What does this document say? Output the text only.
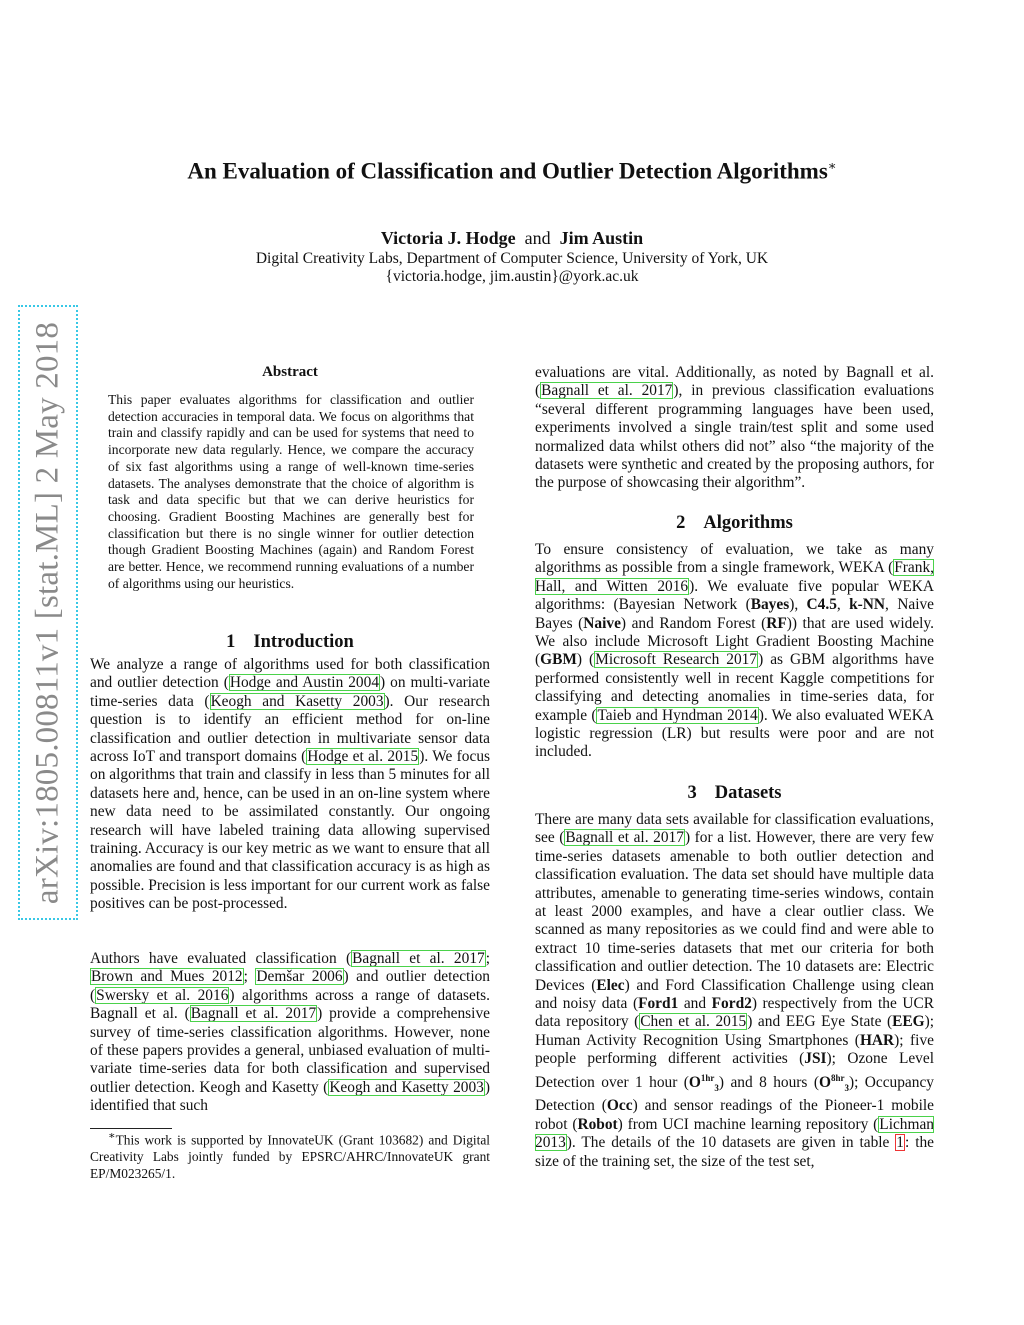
arXiv:1805.00811v1 [stat.ML] 2 May 2018
An Evaluation of Classification and Outlier Detection Algorithms∗
Victoria J. Hodge and Jim Austin
Digital Creativity Labs, Department of Computer Science, University of York, UK
{victoria.hodge, jim.austin}@york.ac.uk
Abstract
This paper evaluates algorithms for classification and outlier detection accuracies in temporal data. We focus on algorithms that train and classify rapidly and can be used for systems that need to incorporate new data regularly. Hence, we compare the accuracy of six fast algorithms using a range of well-known time-series datasets. The analyses demonstrate that the choice of algorithm is task and data specific but that we can derive heuristics for choosing. Gradient Boosting Machines are generally best for classification but there is no single winner for outlier detection though Gradient Boosting Machines (again) and Random Forest are better. Hence, we recommend running evaluations of a number of algorithms using our heuristics.
1 Introduction
We analyze a range of algorithms used for both classification and outlier detection (Hodge and Austin 2004) on multi-variate time-series data (Keogh and Kasetty 2003). Our research question is to identify an efficient method for on-line classification and outlier detection in multivariate sensor data across IoT and transport domains (Hodge et al. 2015). We focus on algorithms that train and classify in less than 5 minutes for all datasets here and, hence, can be used in an on-line system where new data need to be assimilated constantly. Our ongoing research will have labeled training data allowing supervised training. Accuracy is our key metric as we want to ensure that all anomalies are found and that classification accuracy is as high as possible. Precision is less important for our current work as false positives can be post-processed.
Authors have evaluated classification (Bagnall et al. 2017; Brown and Mues 2012; Demšar 2006) and outlier detection (Swersky et al. 2016) algorithms across a range of datasets. Bagnall et al. (Bagnall et al. 2017) provide a comprehensive survey of time-series classification algorithms. However, none of these papers provides a general, unbiased evaluation of multi-variate time-series data for both classification and supervised outlier detection. Keogh and Kasetty (Keogh and Kasetty 2003) identified that such
∗This work is supported by InnovateUK (Grant 103682) and Digital Creativity Labs jointly funded by EPSRC/AHRC/InnovateUK grant EP/M023265/1.
evaluations are vital. Additionally, as noted by Bagnall et al. (Bagnall et al. 2017), in previous classification evaluations “several different programming languages have been used, experiments involved a single train/test split and some used normalized data whilst others did not” also “the majority of the datasets were synthetic and created by the proposing authors, for the purpose of showcasing their algorithm”.
2 Algorithms
To ensure consistency of evaluation, we take as many algorithms as possible from a single framework, WEKA (Frank, Hall, and Witten 2016). We evaluate five popular WEKA algorithms: (Bayesian Network (Bayes), C4.5, k-NN, Naive Bayes (Naive) and Random Forest (RF)) that are used widely. We also include Microsoft Light Gradient Boosting Machine (GBM) (Microsoft Research 2017) as GBM algorithms have performed consistently well in recent Kaggle competitions for classifying and detecting anomalies in time-series data, for example (Taieb and Hyndman 2014). We also evaluated WEKA logistic regression (LR) but results were poor and are not included.
3 Datasets
There are many data sets available for classification evaluations, see (Bagnall et al. 2017) for a list. However, there are very few time-series datasets amenable to both outlier detection and classification evaluation. The data set should have multiple data attributes, amenable to generating time-series windows, contain at least 2000 examples, and have a clear outlier class. We scanned as many repositories as we could find and were able to extract 10 time-series datasets that met our criteria for both classification and outlier detection. The 10 datasets are: Electric Devices (Elec) and Ford Classification Challenge using clean and noisy data (Ford1 and Ford2) respectively from the UCR data repository (Chen et al. 2015) and EEG Eye State (EEG); Human Activity Recognition Using Smartphones (HAR); five people performing different activities (JSI); Ozone Level Detection over 1 hour $(O^{1hr}_3)$ and 8 hours $(O^{8hr}_3)$; Occupancy Detection (Occ) and sensor readings of the Pioneer-1 mobile robot (Robot) from UCI machine learning repository (Lichman 2013). The details of the 10 datasets are given in table 1: the size of the training set, the size of the test set,
